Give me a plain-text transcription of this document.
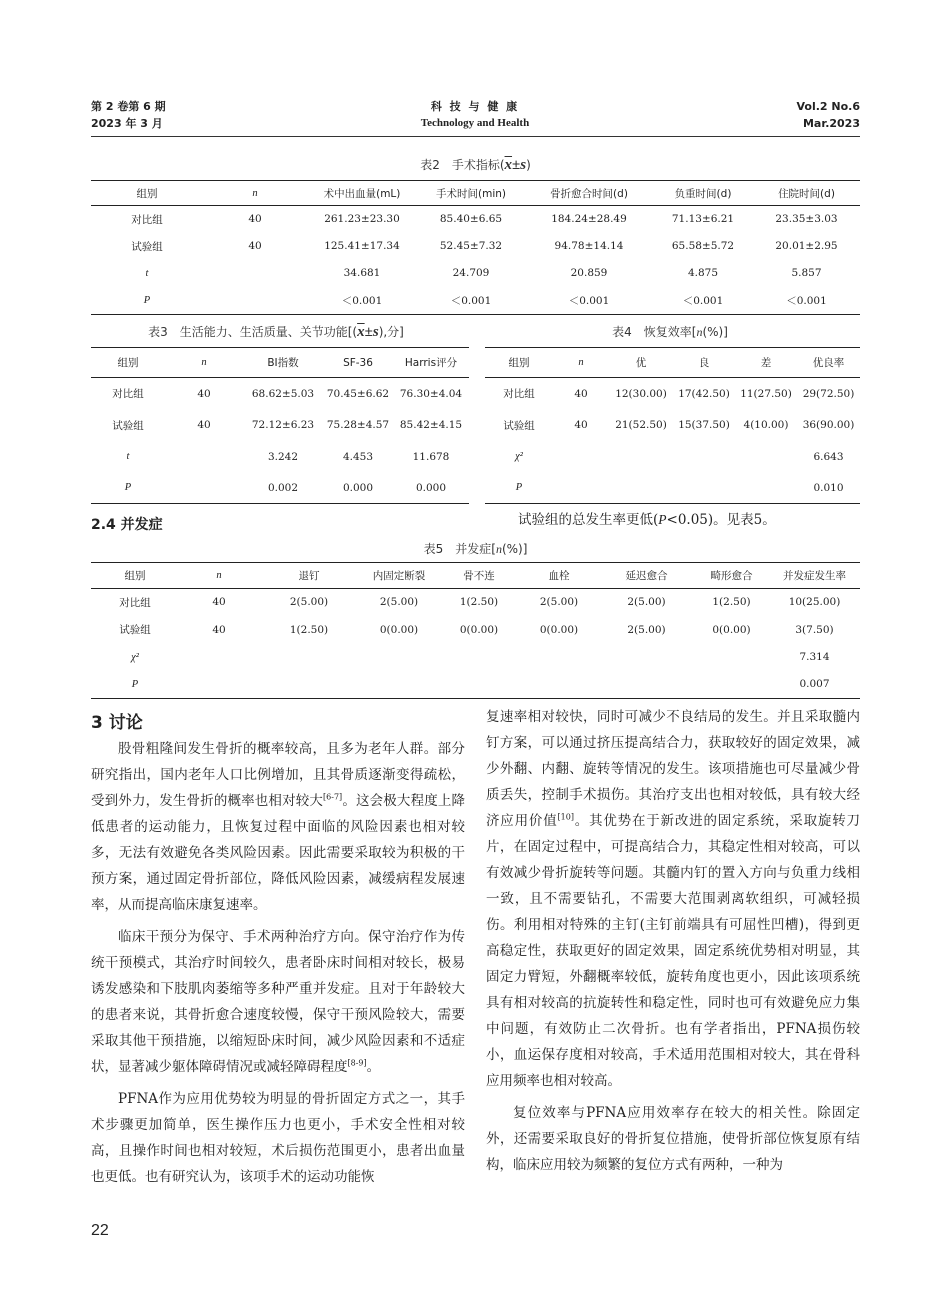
第 2 卷第 6 期
2023 年 3 月
科 技 与 健 康
Technology and Health
Vol.2 No.6
Mar.2023
表2　手术指标$(\overline{x}\pm s)$
组别	n	术中出血量(mL)	手术时间(min)	骨折愈合时间(d)	负重时间(d)	住院时间(d)
对比组	40	261.23±23.30	85.40±6.65	184.24±28.49	71.13±6.21	23.35±3.03
试验组	40	125.41±17.34	52.45±7.32	94.78±14.14	65.58±5.72	20.01±2.95
t		34.681	24.709	20.859	4.875	5.857
P		＜0.001	＜0.001	＜0.001	＜0.001	＜0.001
表3　生活能力、生活质量、关节功能[$(\overline{x}\pm s)$,分]
组别	n	BI指数	SF-36	Harris评分
对比组	40	68.62±5.03	70.45±6.62	76.30±4.04
试验组	40	72.12±6.23	75.28±4.57	85.42±4.15
t		3.242	4.453	11.678
P		0.002	0.000	0.000
表4　恢复效率[n(%)]
组别	n	优	良	差	优良率
对比组	40	12(30.00)	17(42.50)	11(27.50)	29(72.50)
试验组	40	21(52.50)	15(37.50)	4(10.00)	36(90.00)
χ²					6.643
P					0.010
2.4 并发症	试验组的总发生率更低(P<0.05)。见表5。
表5　并发症[n(%)]
组别	n	退钉	内固定断裂	骨不连	血栓	延迟愈合	畸形愈合	并发症发生率
对比组	40	2(5.00)	2(5.00)	1(2.50)	2(5.00)	2(5.00)	1(2.50)	10(25.00)
试验组	40	1(2.50)	0(0.00)	0(0.00)	0(0.00)	2(5.00)	0(0.00)	3(7.50)
χ²								7.314
P								0.007
3 讨论

股骨粗隆间发生骨折的概率较高，且多为老年人群。部分研究指出，国内老年人口比例增加，且其骨质逐渐变得疏松，受到外力，发生骨折的概率也相对较大[6-7]。这会极大程度上降低患者的运动能力，且恢复过程中面临的风险因素也相对较多，无法有效避免各类风险因素。因此需要采取较为积极的干预方案，通过固定骨折部位，降低风险因素，减缓病程发展速率，从而提高临床康复速率。

临床干预分为保守、手术两种治疗方向。保守治疗作为传统干预模式，其治疗时间较久，患者卧床时间相对较长，极易诱发感染和下肢肌肉萎缩等多种严重并发症。且对于年龄较大的患者来说，其骨折愈合速度较慢，保守干预风险较大，需要采取其他干预措施，以缩短卧床时间，减少风险因素和不适症状，显著减少躯体障碍情况或减轻障碍程度[8-9]。

PFNA作为应用优势较为明显的骨折固定方式之一，其手术步骤更加简单，医生操作压力也更小，手术安全性相对较高，且操作时间也相对较短，术后损伤范围更小，患者出血量也更低。也有研究认为，该项手术的运动功能恢

复速率相对较快，同时可减少不良结局的发生。并且采取髓内钉方案，可以通过挤压提高结合力，获取较好的固定效果，减少外翻、内翻、旋转等情况的发生。该项措施也可尽量减少骨质丢失，控制手术损伤。其治疗支出也相对较低，具有较大经济应用价值[10]。其优势在于新改进的固定系统，采取旋转刀片，在固定过程中，可提高结合力，其稳定性相对较高，可以有效减少骨折旋转等问题。其髓内钉的置入方向与负重力线相一致，且不需要钻孔，不需要大范围剥离软组织，可减轻损伤。利用相对特殊的主钉(主钉前端具有可屈性凹槽)，得到更高稳定性，获取更好的固定效果，固定系统优势相对明显，其固定力臂短，外翻概率较低，旋转角度也更小，因此该项系统具有相对较高的抗旋转性和稳定性，同时也可有效避免应力集中问题，有效防止二次骨折。也有学者指出，PFNA损伤较小，血运保存度相对较高，手术适用范围相对较大，其在骨科应用频率也相对较高。

复位效率与PFNA应用效率存在较大的相关性。除固定外，还需要采取良好的骨折复位措施，使骨折部位恢复原有结构，临床应用较为频繁的复位方式有两种，一种为

22
